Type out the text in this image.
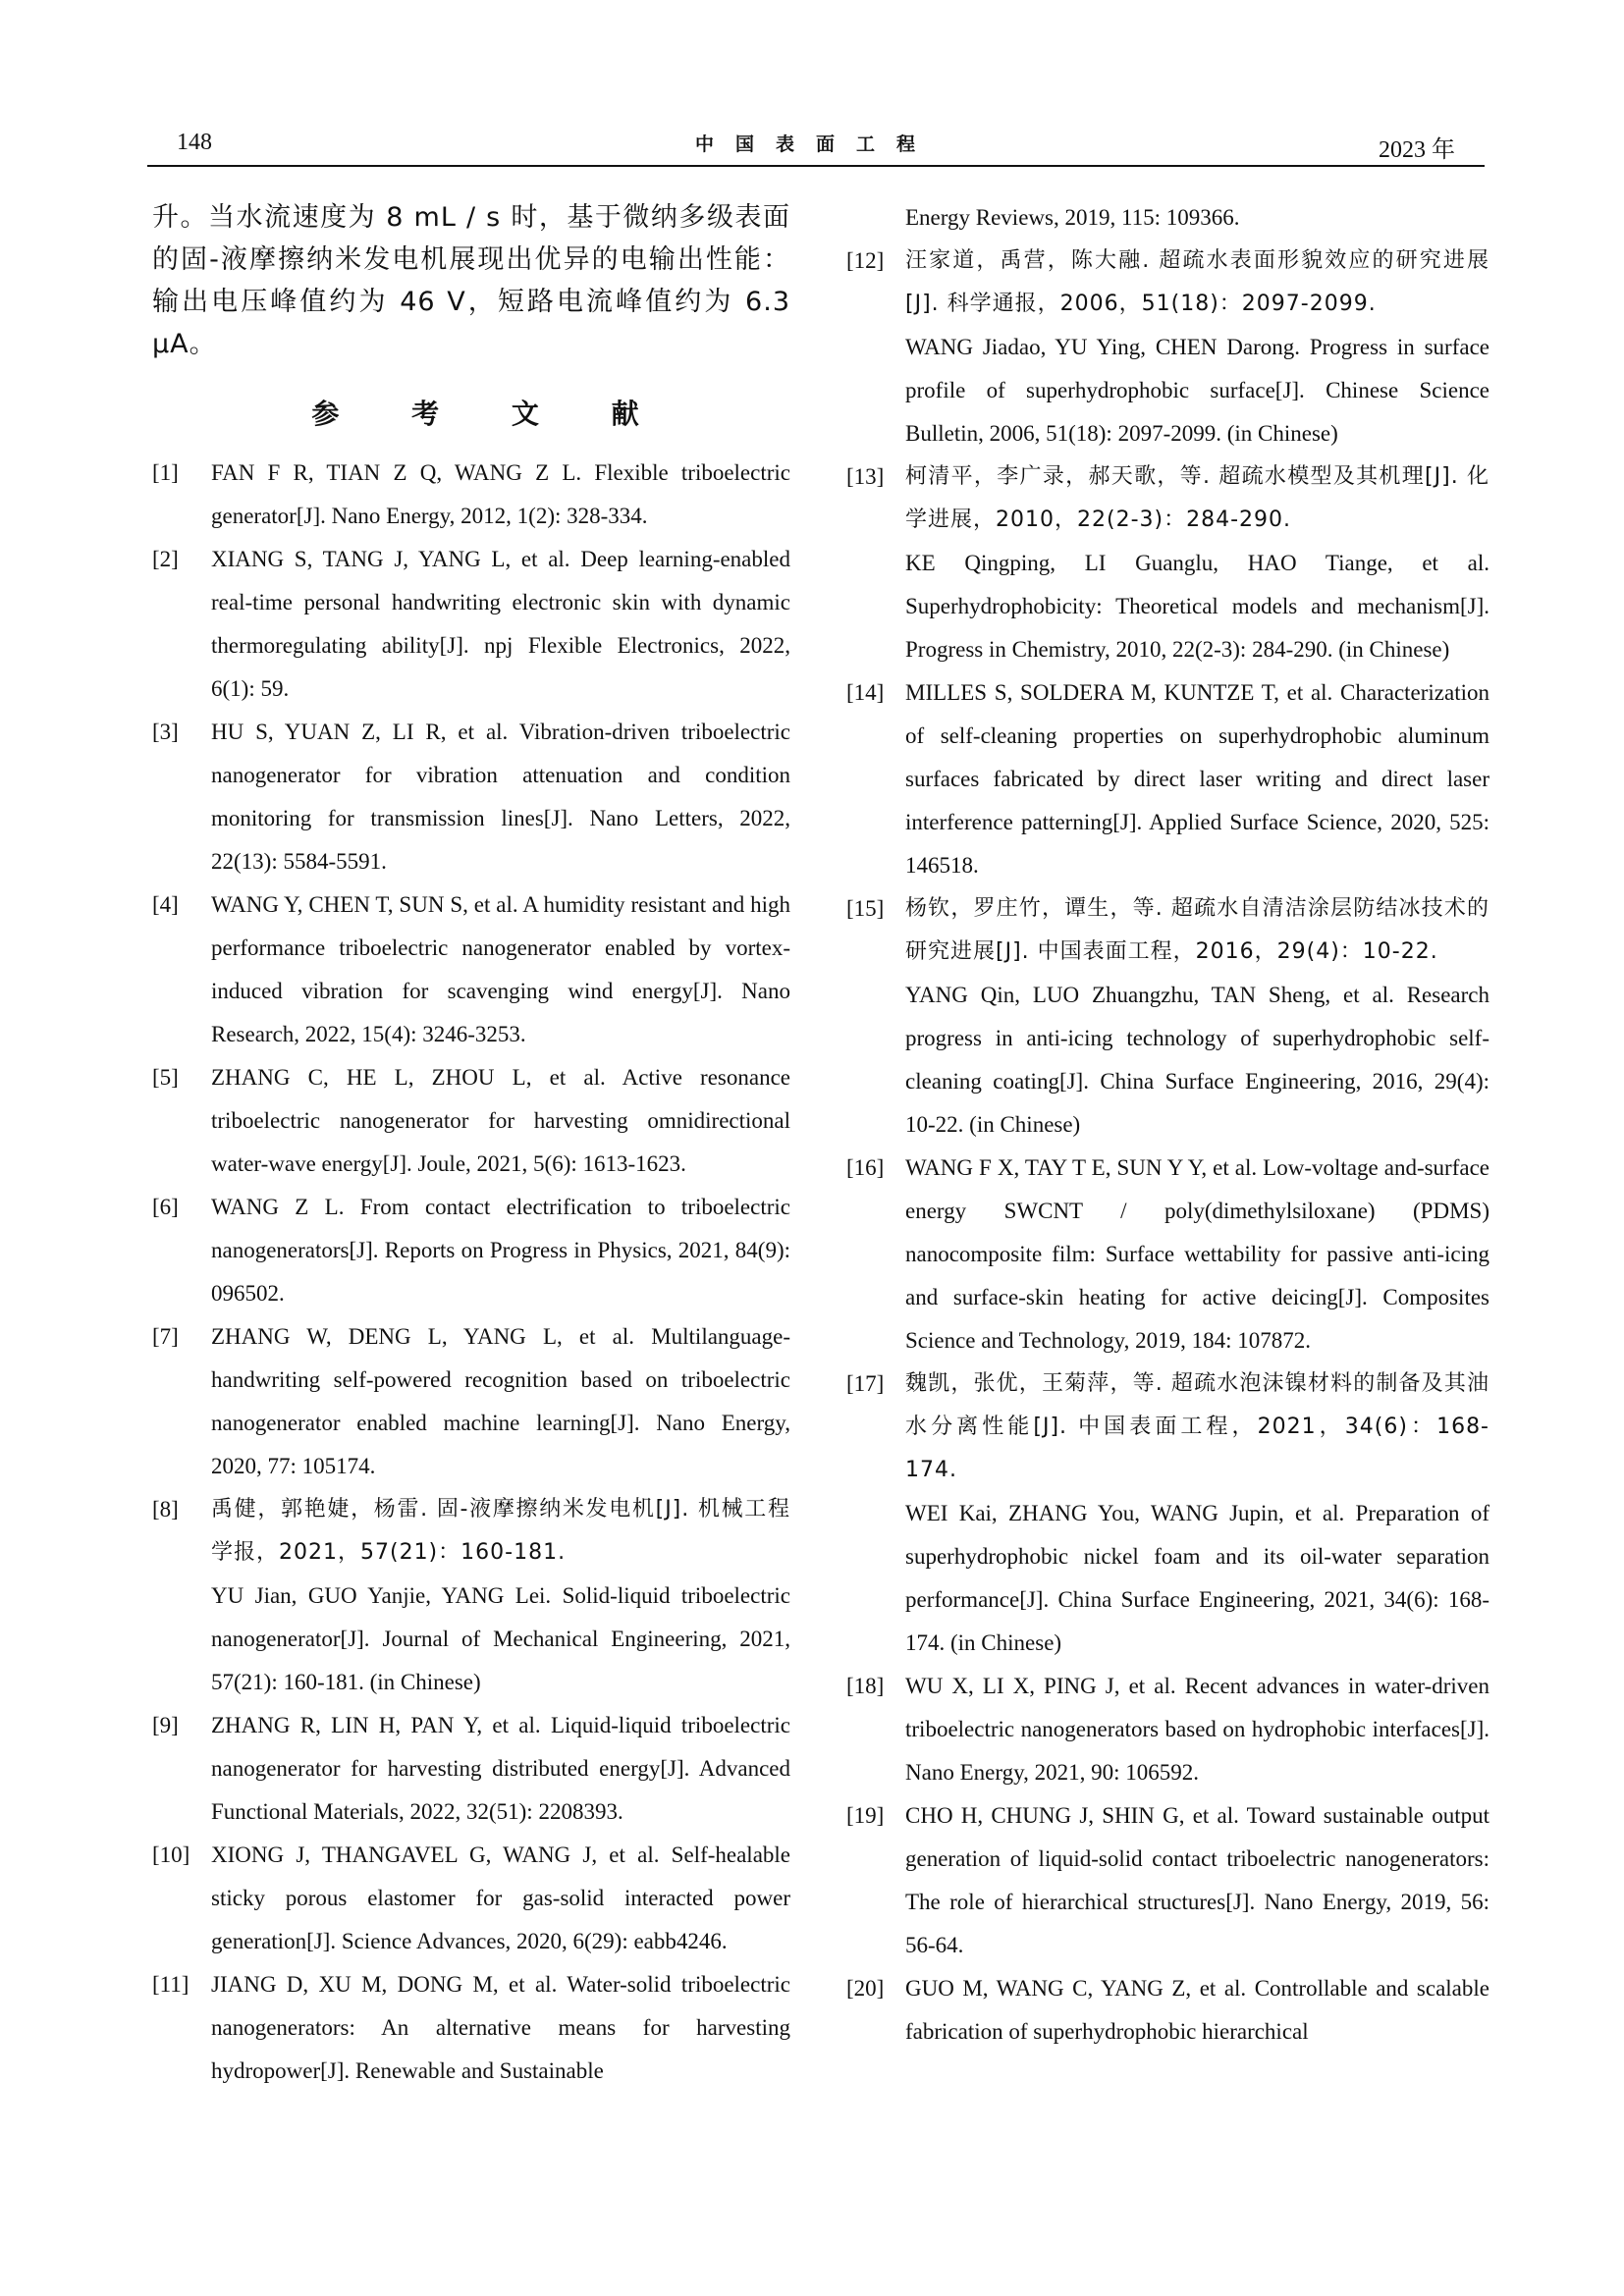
148	中国表面工程	2023 年

升。当水流速度为 8 mL / s 时，基于微纳多级表面的固-液摩擦纳米发电机展现出优异的电输出性能：输出电压峰值约为 46 V，短路电流峰值约为 6.3 μA。

参 考 文 献
[1] FAN F R, TIAN Z Q, WANG Z L. Flexible triboelectric generator[J]. Nano Energy, 2012, 1(2): 328-334.
[2] XIANG S, TANG J, YANG L, et al. Deep learning-enabled real-time personal handwriting electronic skin with dynamic thermoregulating ability[J]. npj Flexible Electronics, 2022, 6(1): 59.
[3] HU S, YUAN Z, LI R, et al. Vibration-driven triboelectric nanogenerator for vibration attenuation and condition monitoring for transmission lines[J]. Nano Letters, 2022, 22(13): 5584-5591.
[4] WANG Y, CHEN T, SUN S, et al. A humidity resistant and high performance triboelectric nanogenerator enabled by vortex-induced vibration for scavenging wind energy[J]. Nano Research, 2022, 15(4): 3246-3253.
[5] ZHANG C, HE L, ZHOU L, et al. Active resonance triboelectric nanogenerator for harvesting omnidirectional water-wave energy[J]. Joule, 2021, 5(6): 1613-1623.
[6] WANG Z L. From contact electrification to triboelectric nanogenerators[J]. Reports on Progress in Physics, 2021, 84(9): 096502.
[7] ZHANG W, DENG L, YANG L, et al. Multilanguage-handwriting self-powered recognition based on triboelectric nanogenerator enabled machine learning[J]. Nano Energy, 2020, 77: 105174.
[8] 禹健，郭艳婕，杨雷. 固-液摩擦纳米发电机[J]. 机械工程学报，2021，57(21)：160-181.
YU Jian, GUO Yanjie, YANG Lei. Solid-liquid triboelectric nanogenerator[J]. Journal of Mechanical Engineering, 2021, 57(21): 160-181. (in Chinese)
[9] ZHANG R, LIN H, PAN Y, et al. Liquid-liquid triboelectric nanogenerator for harvesting distributed energy[J]. Advanced Functional Materials, 2022, 32(51): 2208393.
[10] XIONG J, THANGAVEL G, WANG J, et al. Self-healable sticky porous elastomer for gas-solid interacted power generation[J]. Science Advances, 2020, 6(29): eabb4246.
[11] JIANG D, XU M, DONG M, et al. Water-solid triboelectric nanogenerators: An alternative means for harvesting hydropower[J]. Renewable and Sustainable
Energy Reviews, 2019, 115: 109366.
[12] 汪家道，禹营，陈大融. 超疏水表面形貌效应的研究进展[J]. 科学通报，2006，51(18)：2097-2099.
WANG Jiadao, YU Ying, CHEN Darong. Progress in surface profile of superhydrophobic surface[J]. Chinese Science Bulletin, 2006, 51(18): 2097-2099. (in Chinese)
[13] 柯清平，李广录，郝天歌，等. 超疏水模型及其机理[J]. 化学进展，2010，22(2-3)：284-290.
KE Qingping, LI Guanglu, HAO Tiange, et al. Superhydrophobicity: Theoretical models and mechanism[J]. Progress in Chemistry, 2010, 22(2-3): 284-290. (in Chinese)
[14] MILLES S, SOLDERA M, KUNTZE T, et al. Characterization of self-cleaning properties on superhydrophobic aluminum surfaces fabricated by direct laser writing and direct laser interference patterning[J]. Applied Surface Science, 2020, 525: 146518.
[15] 杨钦，罗庄竹，谭生，等. 超疏水自清洁涂层防结冰技术的研究进展[J]. 中国表面工程，2016，29(4)：10-22.
YANG Qin, LUO Zhuangzhu, TAN Sheng, et al. Research progress in anti-icing technology of superhydrophobic self-cleaning coating[J]. China Surface Engineering, 2016, 29(4): 10-22. (in Chinese)
[16] WANG F X, TAY T E, SUN Y Y, et al. Low-voltage and-surface energy SWCNT / poly(dimethylsiloxane) (PDMS) nanocomposite film: Surface wettability for passive anti-icing and surface-skin heating for active deicing[J]. Composites Science and Technology, 2019, 184: 107872.
[17] 魏凯，张优，王菊萍，等. 超疏水泡沫镍材料的制备及其油水分离性能[J]. 中国表面工程，2021，34(6)：168-174.
WEI Kai, ZHANG You, WANG Jupin, et al. Preparation of superhydrophobic nickel foam and its oil-water separation performance[J]. China Surface Engineering, 2021, 34(6): 168-174. (in Chinese)
[18] WU X, LI X, PING J, et al. Recent advances in water-driven triboelectric nanogenerators based on hydrophobic interfaces[J]. Nano Energy, 2021, 90: 106592.
[19] CHO H, CHUNG J, SHIN G, et al. Toward sustainable output generation of liquid-solid contact triboelectric nanogenerators: The role of hierarchical structures[J]. Nano Energy, 2019, 56: 56-64.
[20] GUO M, WANG C, YANG Z, et al. Controllable and scalable fabrication of superhydrophobic hierarchical
